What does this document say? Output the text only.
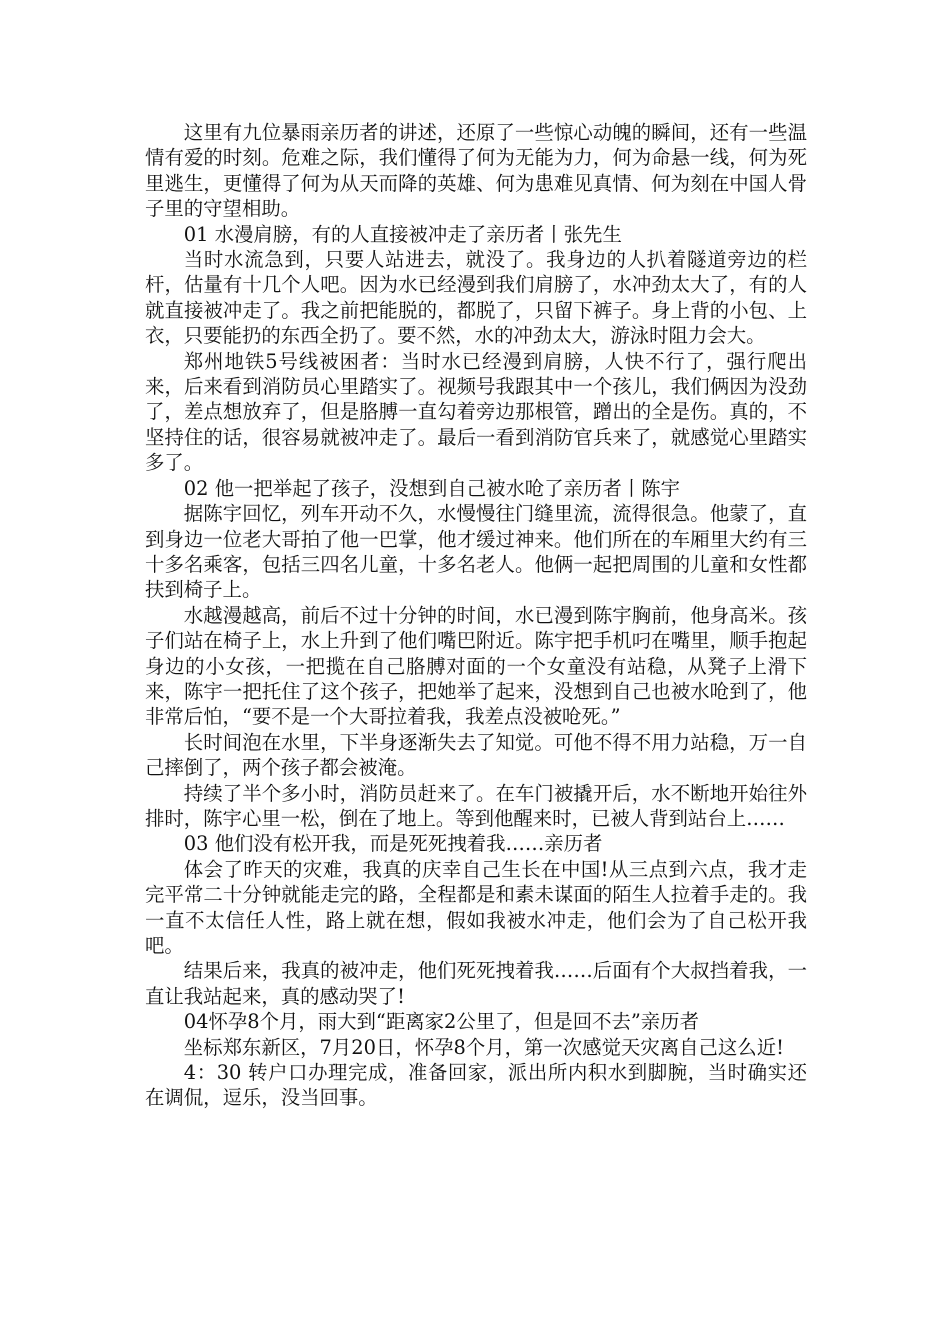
这里有九位暴雨亲历者的讲述，还原了一些惊心动魄的瞬间，还有一些温情有爱的时刻。危难之际，我们懂得了何为无能为力，何为命悬一线，何为死里逃生，更懂得了何为从天而降的英雄、何为患难见真情、何为刻在中国人骨子里的守望相助。

01 水漫肩膀，有的人直接被冲走了亲历者丨张先生

当时水流急到，只要人站进去，就没了。我身边的人扒着隧道旁边的栏杆，估量有十几个人吧。因为水已经漫到我们肩膀了，水冲劲太大了，有的人就直接被冲走了。我之前把能脱的，都脱了，只留下裤子。身上背的小包、上衣，只要能扔的东西全扔了。要不然，水的冲劲太大，游泳时阻力会大。

郑州地铁5号线被困者：当时水已经漫到肩膀，人快不行了，强行爬出来，后来看到消防员心里踏实了。视频号我跟其中一个孩儿，我们俩因为没劲了，差点想放弃了，但是胳膊一直勾着旁边那根管，蹭出的全是伤。真的，不坚持住的话，很容易就被冲走了。最后一看到消防官兵来了，就感觉心里踏实多了。

02 他一把举起了孩子，没想到自己被水呛了亲历者丨陈宇

据陈宇回忆，列车开动不久，水慢慢往门缝里流，流得很急。他蒙了，直到身边一位老大哥拍了他一巴掌，他才缓过神来。他们所在的车厢里大约有三十多名乘客，包括三四名儿童，十多名老人。他俩一起把周围的儿童和女性都扶到椅子上。

水越漫越高，前后不过十分钟的时间，水已漫到陈宇胸前，他身高米。孩子们站在椅子上，水上升到了他们嘴巴附近。陈宇把手机叼在嘴里，顺手抱起身边的小女孩，一把揽在自己胳膊对面的一个女童没有站稳，从凳子上滑下来，陈宇一把托住了这个孩子，把她举了起来，没想到自己也被水呛到了，他非常后怕，“要不是一个大哥拉着我，我差点没被呛死。”

长时间泡在水里，下半身逐渐失去了知觉。可他不得不用力站稳，万一自己摔倒了，两个孩子都会被淹。

持续了半个多小时，消防员赶来了。在车门被撬开后，水不断地开始往外排时，陈宇心里一松，倒在了地上。等到他醒来时，已被人背到站台上……

03 他们没有松开我，而是死死拽着我……亲历者

体会了昨天的灾难，我真的庆幸自己生长在中国!从三点到六点，我才走完平常二十分钟就能走完的路，全程都是和素未谋面的陌生人拉着手走的。我一直不太信任人性，路上就在想，假如我被水冲走，他们会为了自己松开我吧。

结果后来，我真的被冲走，他们死死拽着我……后面有个大叔挡着我，一直让我站起来，真的感动哭了!

04怀孕8个月，雨大到“距离家2公里了，但是回不去”亲历者

坐标郑东新区，7月20日，怀孕8个月，第一次感觉天灾离自己这么近!

4：30 转户口办理完成，准备回家，派出所内积水到脚腕，当时确实还在调侃，逗乐，没当回事。
